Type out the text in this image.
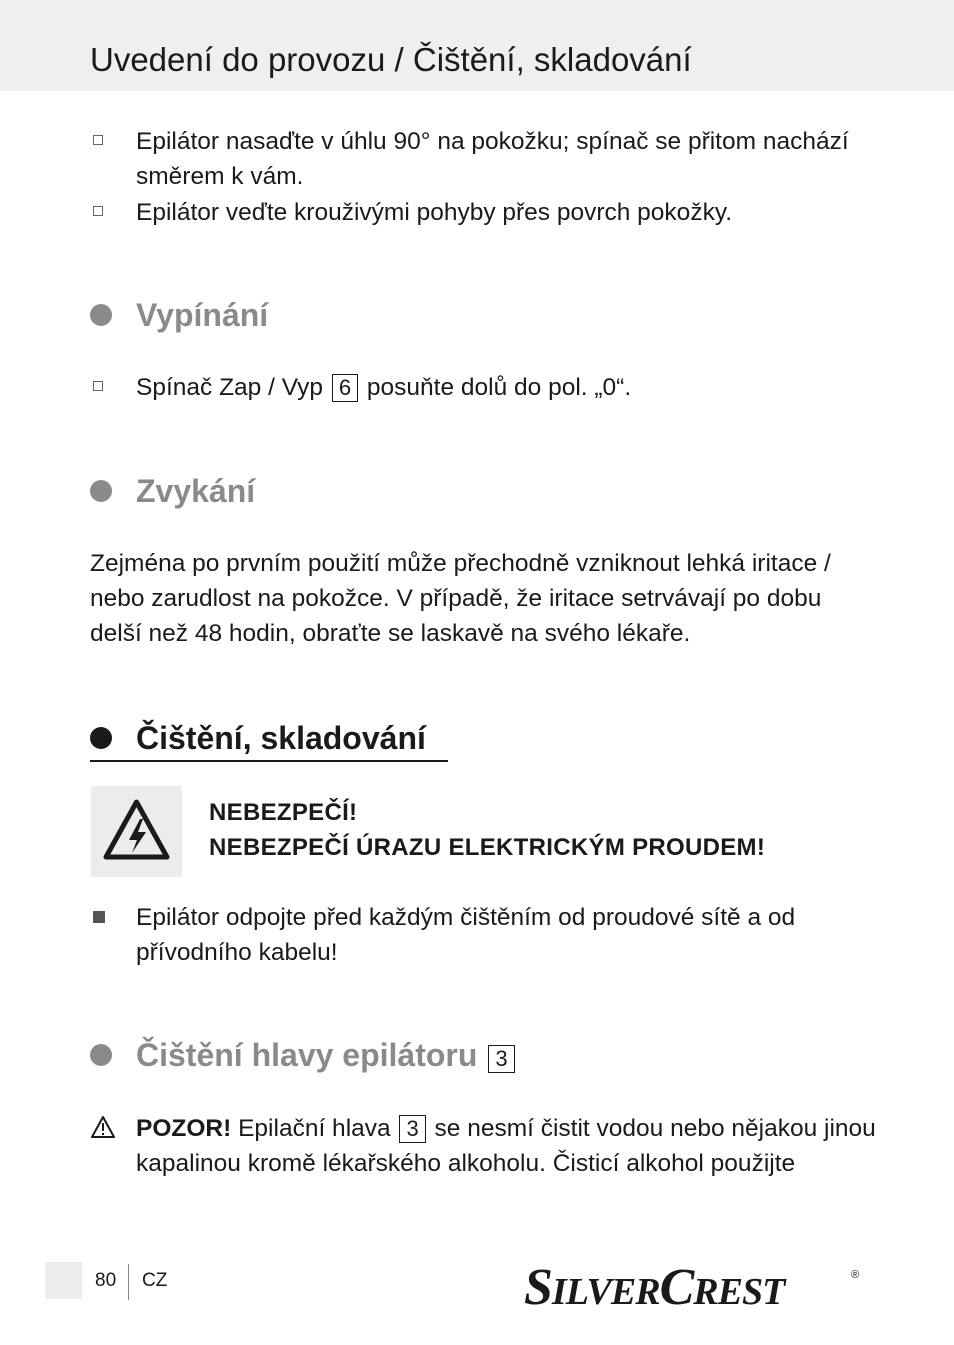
Uvedení do provozu / Čištění, skladování
Epilátor nasaďte v úhlu 90° na pokožku; spínač se přitom nachází směrem k vám.
Epilátor veďte krouživými pohyby přes povrch pokožky.
Vypínání
Spínač Zap / Vyp 6 posuňte dolů do pol. „0“.
Zvykání

Zejména po prvním použití může přechodně vzniknout lehká iritace / nebo zarudlost na pokožce. V případě, že iritace setrvávají po dobu delší než 48 hodin, obraťte se laskavě na svého lékaře.

Čištění, skladování
NEBEZPEČÍ!
NEBEZPEČÍ ÚRAZU ELEKTRICKÝM PROUDEM!
Epilátor odpojte před každým čištěním od proudové sítě a od přívodního kabelu!
Čištění hlavy epilátoru 3
POZOR! Epilační hlava 3 se nesmí čistit vodou nebo nějakou jinou kapalinou kromě lékařského alkoholu. Čisticí alkohol použijte
80 CZ	SILVERCREST	®
